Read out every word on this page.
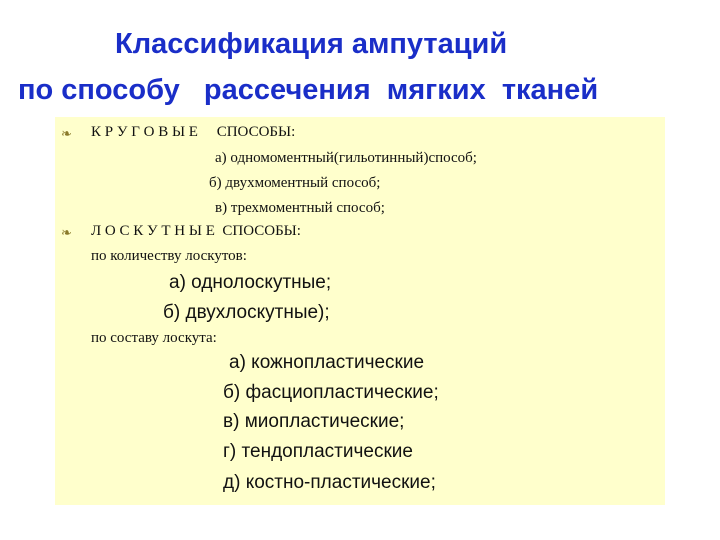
Классификация ампутаций
по способу   рассечения  мягких  тканей
❧ К Р У Г О В Ы Е     СПОСОБЫ:
а) одномоментный(гильотинный)способ;
б) двухмоментный способ;
в) трехмоментный способ;
❧ Л О С К У Т Н Ы Е  СПОСОБЫ:
по количеству лоскутов:
а) однолоскутные;
б) двухлоскутные);
по составу лоскута:
а) кожнопластические
б) фасциопластические;
в) миопластические;
г) тендопластические
д) костно-пластические;
